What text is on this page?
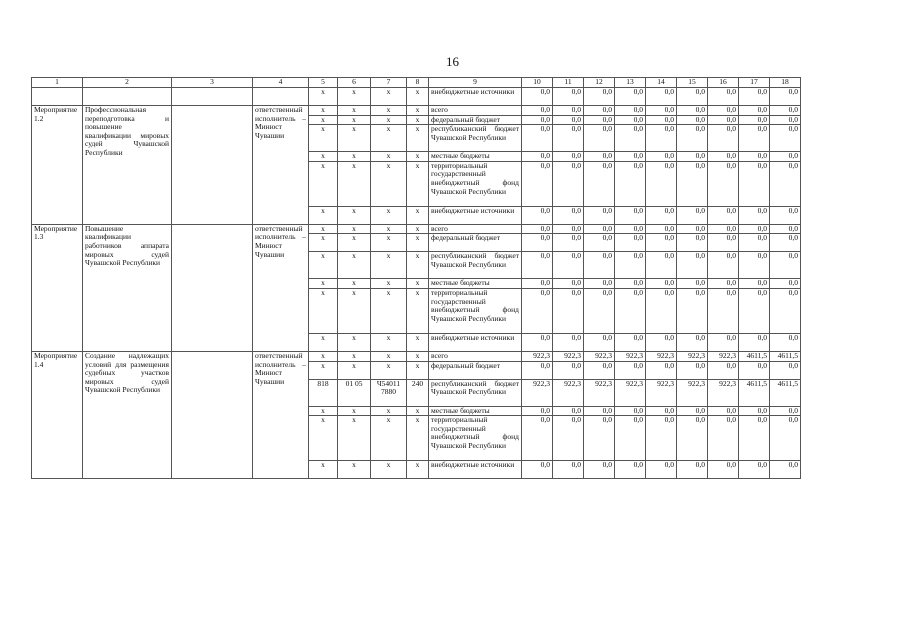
16
1	2	3	4	5	6	7	8	9	10	11	12	13	14	15	16	17	18
				x	x	x	x	внебюджетные источники	0,0	0,0	0,0	0,0	0,0	0,0	0,0	0,0	0,0
Мероприятие 1.2	Профессиональная переподготовка и повышение квалификации мировых судей Чувашской Республики		ответственный исполнитель – Минюст Чувашии	x	x	x	x	всего	0,0	0,0	0,0	0,0	0,0	0,0	0,0	0,0	0,0
				x	x	x	x	федеральный бюджет	0,0	0,0	0,0	0,0	0,0	0,0	0,0	0,0	0,0
				x	x	x	x	республиканский бюджет Чувашской Республики	0,0	0,0	0,0	0,0	0,0	0,0	0,0	0,0	0,0
				x	x	x	x	местные бюджеты	0,0	0,0	0,0	0,0	0,0	0,0	0,0	0,0	0,0
				x	x	x	x	территориальный государственный внебюджетный фонд Чувашской Республики	0,0	0,0	0,0	0,0	0,0	0,0	0,0	0,0	0,0
				x	x	x	x	внебюджетные источники	0,0	0,0	0,0	0,0	0,0	0,0	0,0	0,0	0,0
Мероприятие 1.3	Повышение квалификации работников аппарата мировых судей Чувашской Республики		ответственный исполнитель – Минюст Чувашии	x	x	x	x	всего	0,0	0,0	0,0	0,0	0,0	0,0	0,0	0,0	0,0
				x	x	x	x	федеральный бюджет	0,0	0,0	0,0	0,0	0,0	0,0	0,0	0,0	0,0
				x	x	x	x	республиканский бюджет Чувашской Республики	0,0	0,0	0,0	0,0	0,0	0,0	0,0	0,0	0,0
				x	x	x	x	местные бюджеты	0,0	0,0	0,0	0,0	0,0	0,0	0,0	0,0	0,0
				x	x	x	x	территориальный государственный внебюджетный фонд Чувашской Республики	0,0	0,0	0,0	0,0	0,0	0,0	0,0	0,0	0,0
				x	x	x	x	внебюджетные источники	0,0	0,0	0,0	0,0	0,0	0,0	0,0	0,0	0,0
Мероприятие 1.4	Создание надлежащих условий для размещения судебных участков мировых судей Чувашской Республики		ответственный исполнитель – Минюст Чувашии	x	x	x	x	всего	922,3	922,3	922,3	922,3	922,3	922,3	922,3	4611,5	4611,5
				x	x	x	x	федеральный бюджет	0,0	0,0	0,0	0,0	0,0	0,0	0,0	0,0	0,0
				818	01 05	Ч54011 7880	240	республиканский бюджет Чувашской Республики	922,3	922,3	922,3	922,3	922,3	922,3	922,3	4611,5	4611,5
				x	x	x	x	местные бюджеты	0,0	0,0	0,0	0,0	0,0	0,0	0,0	0,0	0,0
				x	x	x	x	территориальный государственный внебюджетный фонд Чувашской Республики	0,0	0,0	0,0	0,0	0,0	0,0	0,0	0,0	0,0
				x	x	x	x	внебюджетные источники	0,0	0,0	0,0	0,0	0,0	0,0	0,0	0,0	0,0
